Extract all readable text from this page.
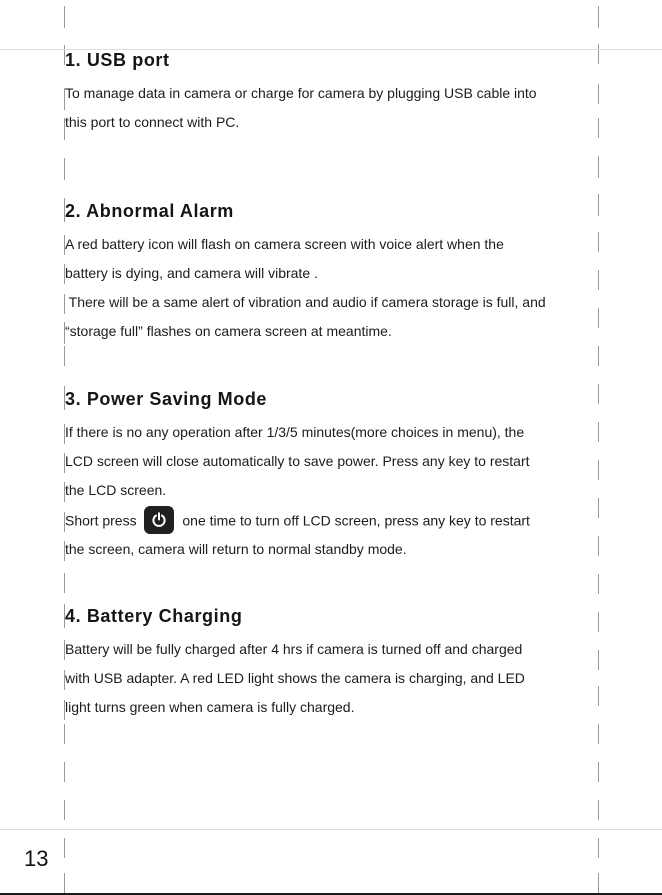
1. USB port

To manage data in camera or charge for camera by plugging USB cable into

this port to connect with PC.

2. Abnormal Alarm

A red battery icon will flash on camera screen with voice alert when the

battery is dying, and camera will vibrate .

There will be a same alert of vibration and audio if camera storage is full, and

“storage full” flashes on camera screen at meantime.

3. Power Saving Mode

If there is no any operation after 1/3/5 minutes(more choices in menu), the

LCD screen will close automatically to save power. Press any key to restart

the LCD screen.

Short press	one time to turn off LCD screen, press any key to restart

the screen, camera will return to normal standby mode.

4. Battery Charging

Battery will be fully charged after 4 hrs if camera is turned off and charged

with USB adapter. A red LED light shows the camera is charging, and LED

light turns green when camera is fully charged.

13
